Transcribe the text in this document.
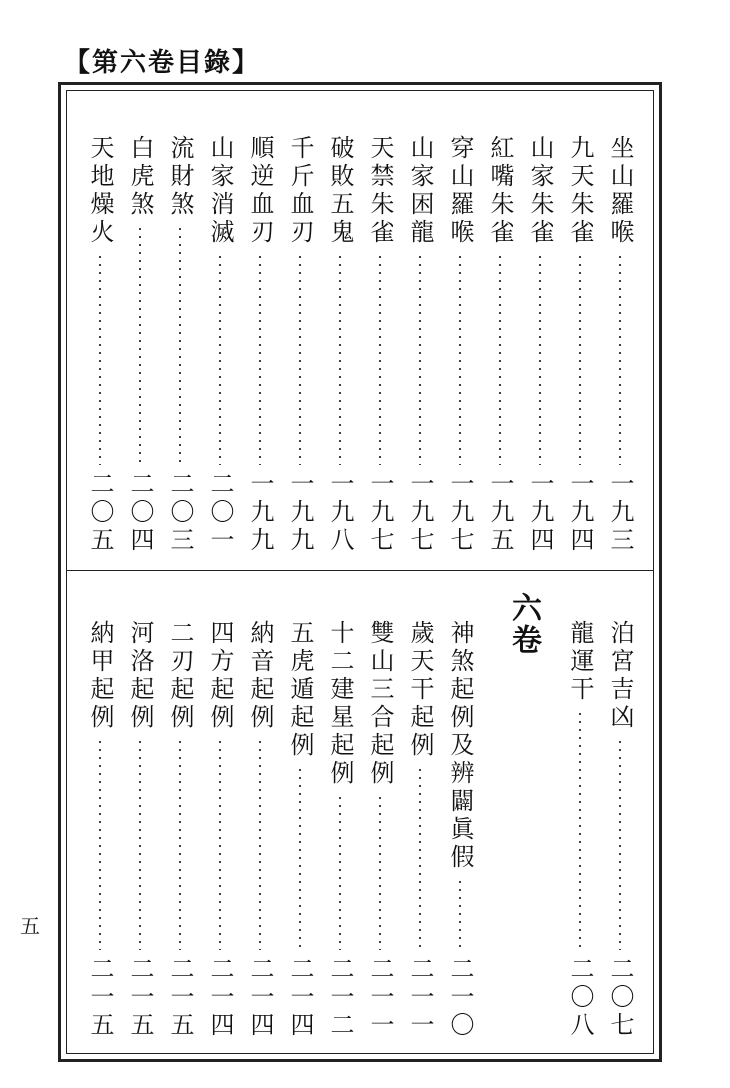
【第六卷目錄】
六卷
坐山羅喉
一九三
九天朱雀
一九四
山家朱雀
一九四
紅嘴朱雀
一九五
穿山羅喉
一九七
山家困龍
一九七
天禁朱雀
一九七
破敗五鬼
一九八
千斤血刃
一九九
順逆血刃
一九九
山家消滅
二〇一
流財煞
二〇三
白虎煞
二〇四
天地燥火
二〇五
泊宮吉凶
二〇七
龍運干
二〇八
神煞起例及辨闢眞假
二一〇
歲天干起例
二一一
雙山三合起例
二一一
十二建星起例
二一二
五虎遁起例
二一四
納音起例
二一四
四方起例
二一四
二刃起例
二一五
河洛起例
二一五
納甲起例
二一五
五
